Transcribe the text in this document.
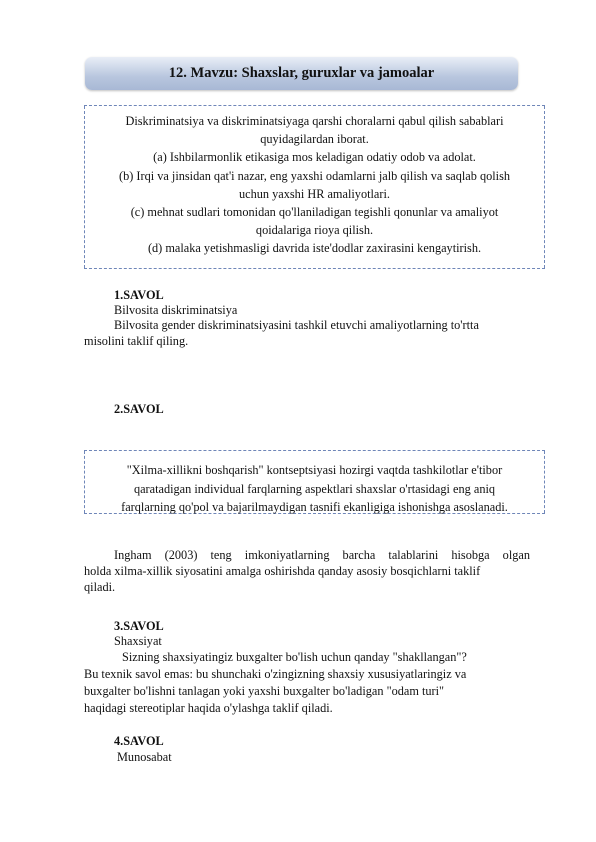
12. Mavzu: Shaxslar, guruxlar va jamoalar
Diskriminatsiya va diskriminatsiyaga qarshi choralarni qabul qilish sabablari
quyidagilardan iborat.
(a) Ishbilarmonlik etikasiga mos keladigan odatiy odob va adolat.
(b) Irqi va jinsidan qat'i nazar, eng yaxshi odamlarni jalb qilish va saqlab qolish
uchun yaxshi HR amaliyotlari.
(c) mehnat sudlari tomonidan qo'llaniladigan tegishli qonunlar va amaliyot
qoidalariga rioya qilish.
(d) malaka yetishmasligi davrida iste'dodlar zaxirasini kengaytirish.
1.SAVOL
Bilvosita diskriminatsiya
Bilvosita gender diskriminatsiyasini tashkil etuvchi amaliyotlarning to'rtta
misolini taklif qiling.
2.SAVOL
"Xilma-xillikni boshqarish" kontseptsiyasi hozirgi vaqtda tashkilotlar e'tibor
qaratadigan individual farqlarning aspektlari shaxslar o'rtasidagi eng aniq
farqlarning qo'pol va bajarilmaydigan tasnifi ekanligiga ishonishga asoslanadi.
Ingham (2003) teng imkoniyatlarning barcha talablarini hisobga olgan
holda xilma-xillik siyosatini amalga oshirishda qanday asosiy bosqichlarni taklif
qiladi.
3.SAVOL
Shaxsiyat
Sizning shaxsiyatingiz buxgalter bo'lish uchun qanday "shakllangan"?
Bu texnik savol emas: bu shunchaki o'zingizning shaxsiy xususiyatlaringiz va
buxgalter bo'lishni tanlagan yoki yaxshi buxgalter bo'ladigan "odam turi"
haqidagi stereotiplar haqida o'ylashga taklif qiladi.
4.SAVOL
Munosabat
